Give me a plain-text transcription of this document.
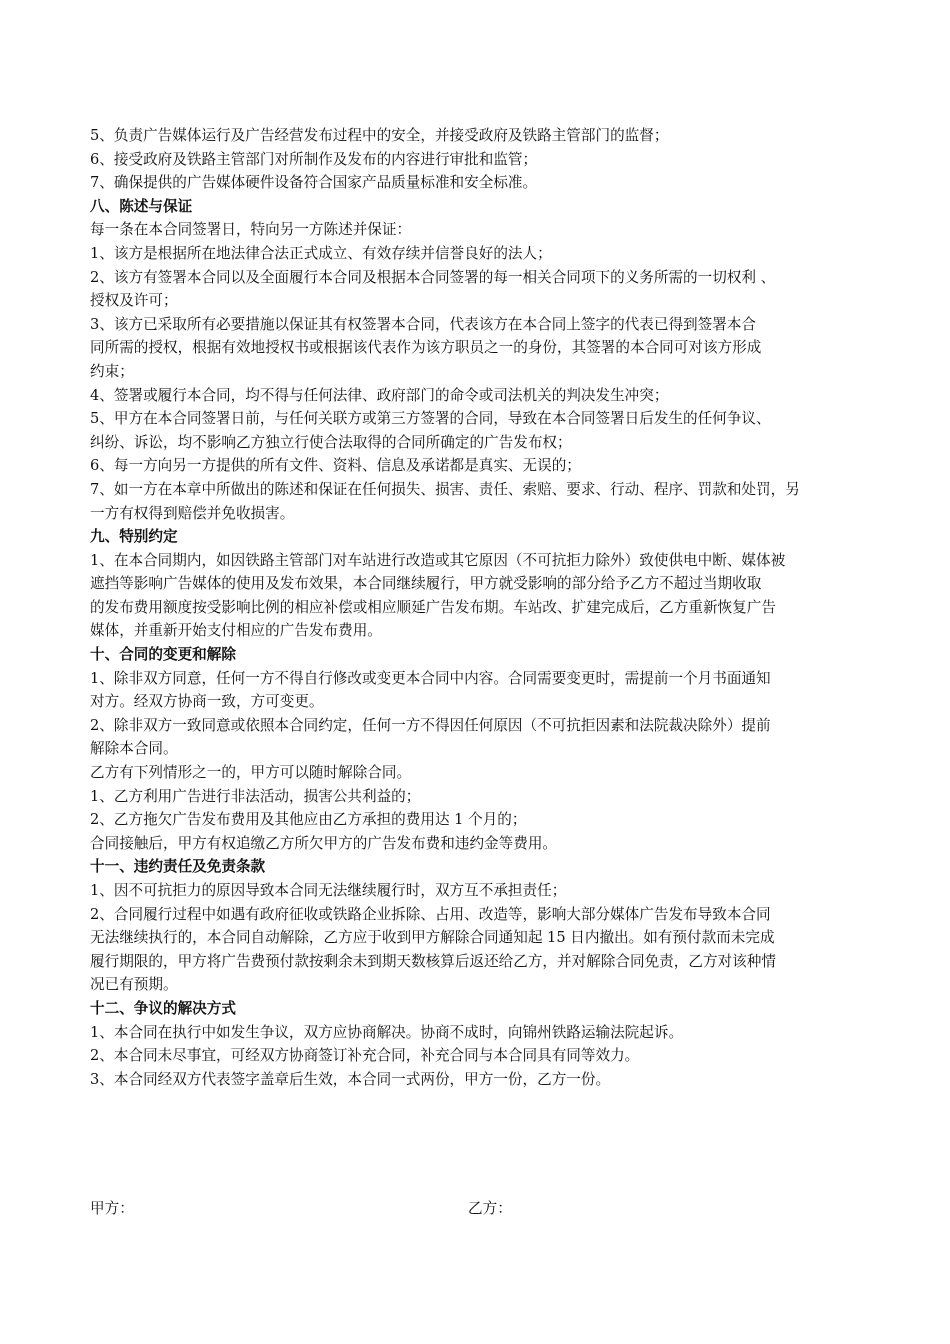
5、负责广告媒体运行及广告经营发布过程中的安全，并接受政府及铁路主管部门的监督；
6、接受政府及铁路主管部门对所制作及发布的内容进行审批和监管；
7、确保提供的广告媒体硬件设备符合国家产品质量标准和安全标准。
八、陈述与保证
每一条在本合同签署日，特向另一方陈述并保证：
1、该方是根据所在地法律合法正式成立、有效存续并信誉良好的法人；
2、该方有签署本合同以及全面履行本合同及根据本合同签署的每一相关合同项下的义务所需的一切权利 、
授权及许可；
3、该方已采取所有必要措施以保证其有权签署本合同，代表该方在本合同上签字的代表已得到签署本合
同所需的授权，根据有效地授权书或根据该代表作为该方职员之一的身份，其签署的本合同可对该方形成
约束；
4、签署或履行本合同，均不得与任何法律、政府部门的命令或司法机关的判决发生冲突；
5、甲方在本合同签署日前，与任何关联方或第三方签署的合同，导致在本合同签署日后发生的任何争议、
纠纷、诉讼，均不影响乙方独立行使合法取得的合同所确定的广告发布权；
6、每一方向另一方提供的所有文件、资料、信息及承诺都是真实、无误的；
7、如一方在本章中所做出的陈述和保证在任何损失、损害、责任、索赔、要求、行动、程序、罚款和处罚，另
一方有权得到赔偿并免收损害。
九、特别约定
1、在本合同期内，如因铁路主管部门对车站进行改造或其它原因（不可抗拒力除外）致使供电中断、媒体被
遮挡等影响广告媒体的使用及发布效果，本合同继续履行，甲方就受影响的部分给予乙方不超过当期收取
的发布费用额度按受影响比例的相应补偿或相应顺延广告发布期。车站改、扩建完成后，乙方重新恢复广告
媒体，并重新开始支付相应的广告发布费用。
十、合同的变更和解除
1、除非双方同意，任何一方不得自行修改或变更本合同中内容。合同需要变更时，需提前一个月书面通知
对方。经双方协商一致，方可变更。
2、除非双方一致同意或依照本合同约定，任何一方不得因任何原因（不可抗拒因素和法院裁决除外）提前
解除本合同。
乙方有下列情形之一的，甲方可以随时解除合同。
1、乙方利用广告进行非法活动，损害公共利益的；
2、乙方拖欠广告发布费用及其他应由乙方承担的费用达 1 个月的；
合同接触后，甲方有权追缴乙方所欠甲方的广告发布费和违约金等费用。
十一、违约责任及免责条款
1、因不可抗拒力的原因导致本合同无法继续履行时，双方互不承担责任；
2、合同履行过程中如遇有政府征收或铁路企业拆除、占用、改造等，影响大部分媒体广告发布导致本合同
无法继续执行的，本合同自动解除，乙方应于收到甲方解除合同通知起 15 日内撤出。如有预付款而未完成
履行期限的，甲方将广告费预付款按剩余未到期天数核算后返还给乙方，并对解除合同免责，乙方对该种情
况已有预期。
十二、争议的解决方式
1、本合同在执行中如发生争议，双方应协商解决。协商不成时，向锦州铁路运输法院起诉。
2、本合同未尽事宜，可经双方协商签订补充合同，补充合同与本合同具有同等效力。
3、本合同经双方代表签字盖章后生效，本合同一式两份，甲方一份，乙方一份。
甲方：	乙方：
